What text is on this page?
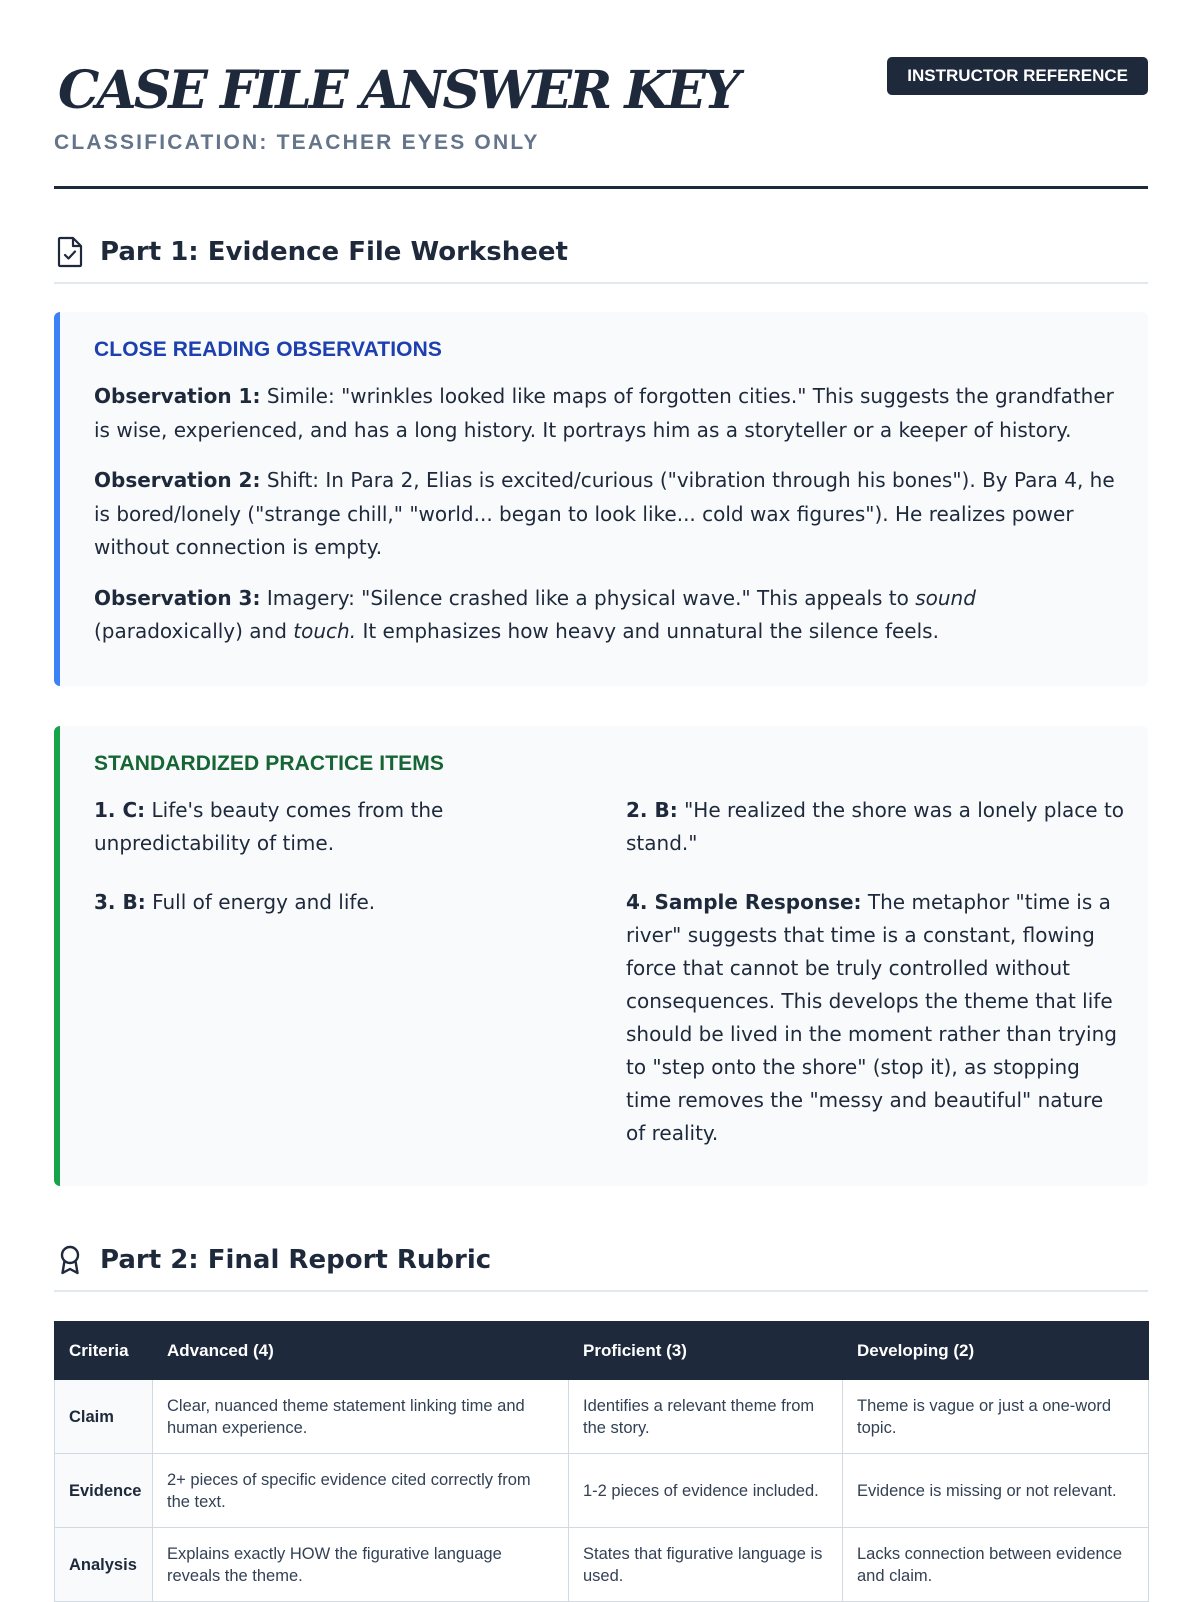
CASE FILE ANSWER KEY
CLASSIFICATION: TEACHER EYES ONLY
INSTRUCTOR REFERENCE
Part 1: Evidence File Worksheet
CLOSE READING OBSERVATIONS

Observation 1: Simile: "wrinkles looked like maps of forgotten cities." This suggests the grandfather is wise, experienced, and has a long history. It portrays him as a storyteller or a keeper of history.

Observation 2: Shift: In Para 2, Elias is excited/curious ("vibration through his bones"). By Para 4, he is bored/lonely ("strange chill," "world... began to look like... cold wax figures"). He realizes power without connection is empty.

Observation 3: Imagery: "Silence crashed like a physical wave." This appeals to sound (paradoxically) and touch. It emphasizes how heavy and unnatural the silence feels.

STANDARDIZED PRACTICE ITEMS
1. C: Life's beauty comes from the unpredictability of time.
2. B: "He realized the shore was a lonely place to stand."
3. B: Full of energy and life.	4. Sample Response: The metaphor "time is a river" suggests that time is a constant, flowing force that cannot be truly controlled without consequences. This develops the theme that life should be lived in the moment rather than trying to "step onto the shore" (stop it), as stopping time removes the "messy and beautiful" nature of reality.
Part 2: Final Report Rubric
Criteria	Advanced (4)	Proficient (3)	Developing (2)
Claim	Clear, nuanced theme statement linking time and human experience.	Identifies a relevant theme from the story.	Theme is vague or just a one-word topic.
Evidence	2+ pieces of specific evidence cited correctly from the text.	1-2 pieces of evidence included.	Evidence is missing or not relevant.
Analysis	Explains exactly HOW the figurative language reveals the theme.	States that figurative language is used.	Lacks connection between evidence and claim.
